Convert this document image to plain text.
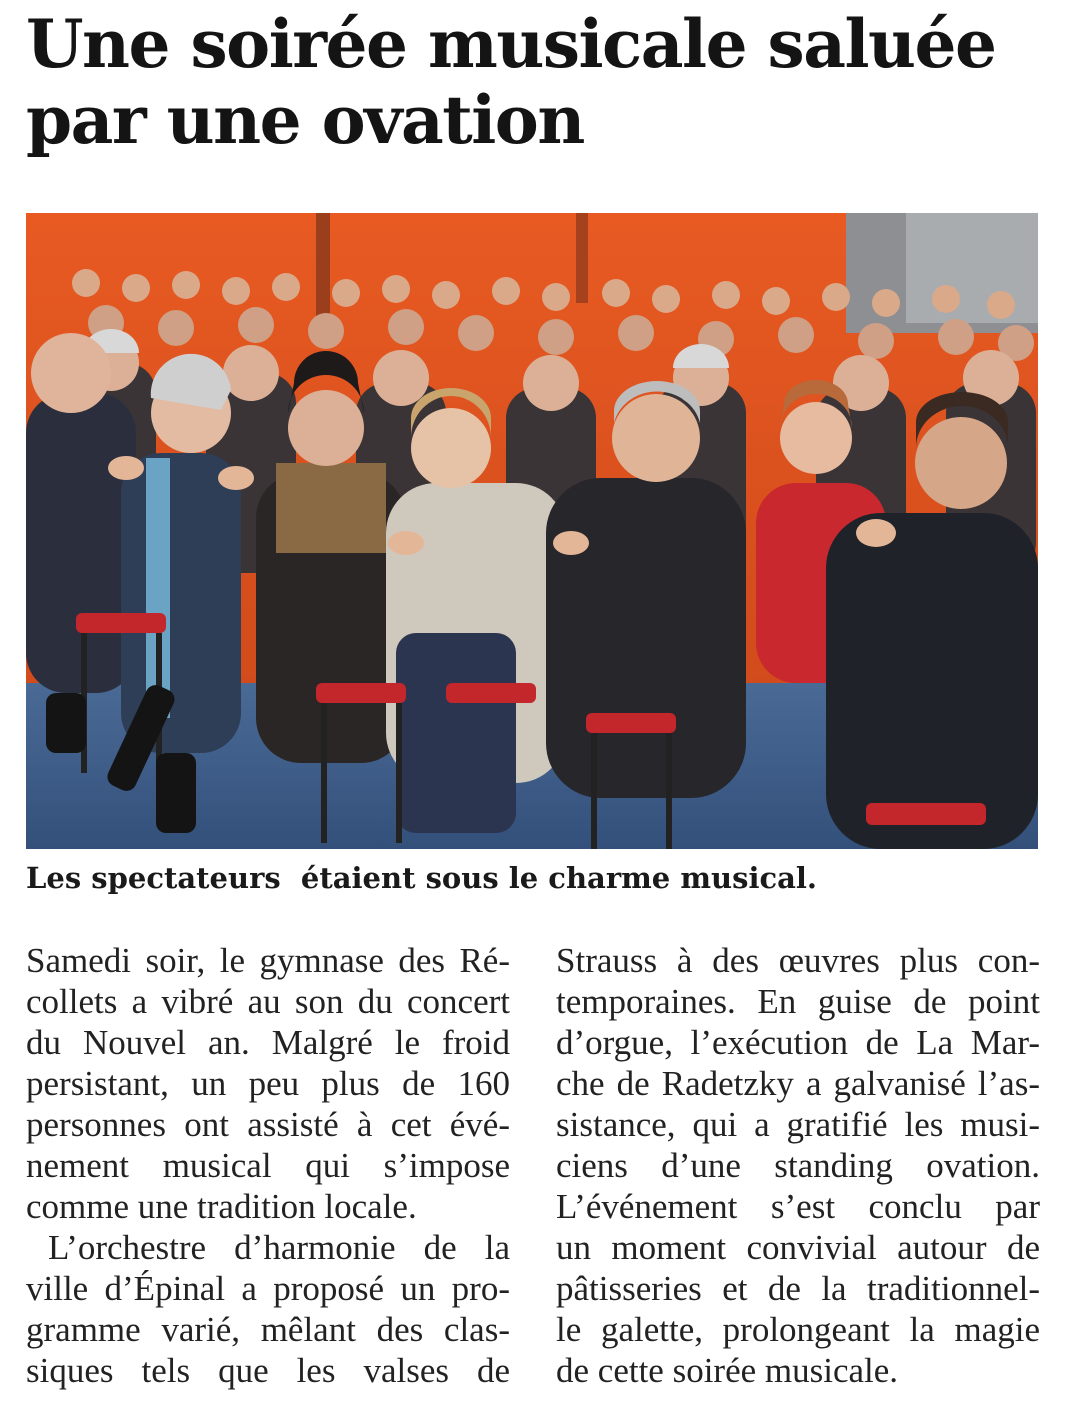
Une soirée musicale saluée
par une ovation

Les spectateurs  étaient sous le charme musical.

Samedi soir, le gymnase des Ré-
collets a vibré au son du concert
du Nouvel an. Malgré le froid
persistant, un peu plus de 160
personnes ont assisté à cet évé-
nement musical qui s’impose
comme une tradition locale.
L’orchestre d’harmonie de la
ville d’Épinal a proposé un pro-
gramme varié, mêlant des clas-
siques tels que les valses de
Strauss à des œuvres plus con-
temporaines. En guise de point
d’orgue, l’exécution de La Mar-
che de Radetzky a galvanisé l’as-
sistance, qui a gratifié les musi-
ciens d’une standing ovation.
L’événement s’est conclu par
un moment convivial autour de
pâtisseries et de la traditionnel-
le galette, prolongeant la magie
de cette soirée musicale.
